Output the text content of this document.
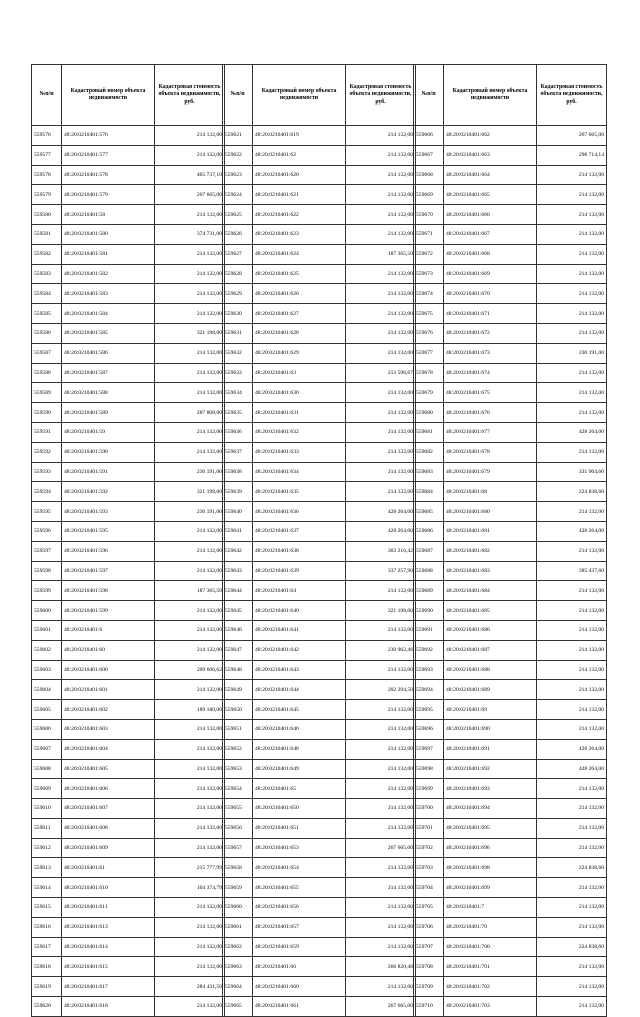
№п/п	Кадастровый номер объекта недвижимости	Кадастровая стоимость объекта недвижимости, руб.
559576	48:20:0210401:576	214 132,00
559577	48:20:0210401:577	214 132,00
559578	48:20:0210401:578	465 737,10
559579	48:20:0210401:579	267 665,00
559580	48:20:0210401:58	214 132,00
559581	48:20:0210401:580	374 731,00
559582	48:20:0210401:581	214 132,00
559583	48:20:0210401:582	214 132,00
559584	48:20:0210401:583	214 132,00
559585	48:20:0210401:584	214 132,00
559586	48:20:0210401:585	321 198,00
559587	48:20:0210401:586	214 132,00
559588	48:20:0210401:587	214 132,00
559589	48:20:0210401:588	214 132,00
559590	48:20:0210401:589	287 808,00
559591	48:20:0210401:59	214 132,00
559592	48:20:0210401:590	214 132,00
559593	48:20:0210401:591	230 191,00
559594	48:20:0210401:592	321 198,00
559595	48:20:0210401:593	230 191,00
559596	48:20:0210401:595	214 132,00
559597	48:20:0210401:596	214 132,00
559598	48:20:0210401:597	214 132,00
559599	48:20:0210401:598	187 365,50
559600	48:20:0210401:599	214 132,00
559601	48:20:0210401:6	214 132,00
559602	48:20:0210401:60	214 132,00
559603	48:20:0210401:600	209 606,62
559604	48:20:0210401:601	214 132,00
559605	48:20:0210401:602	189 180,00
559606	48:20:0210401:603	214 132,00
559607	48:20:0210401:604	214 132,00
559608	48:20:0210401:605	214 132,00
559609	48:20:0210401:606	214 132,00
559610	48:20:0210401:607	214 132,00
559611	48:20:0210401:608	214 132,00
559612	48:20:0210401:609	214 132,00
559613	48:20:0210401:61	215 777,99
559614	48:20:0210401:610	104 374,79
559615	48:20:0210401:611	214 132,00
559616	48:20:0210401:613	214 132,00
559617	48:20:0210401:614	214 132,00
559618	48:20:0210401:615	214 132,00
559619	48:20:0210401:617	284 431,50
559620	48:20:0210401:618	214 132,00
№п/п	Кадастровый номер объекта недвижимости	Кадастровая стоимость объекта недвижимости, руб.
559621	48:20:0210401:619	214 132,00
559622	48:20:0210401:62	214 132,00
559623	48:20:0210401:620	214 132,00
559624	48:20:0210401:621	214 132,00
559625	48:20:0210401:622	214 132,00
559626	48:20:0210401:623	214 132,00
559627	48:20:0210401:624	187 365,50
559628	48:20:0210401:625	214 132,00
559629	48:20:0210401:626	214 132,00
559630	48:20:0210401:627	214 132,00
559631	48:20:0210401:628	214 132,00
559632	48:20:0210401:629	214 132,00
559633	48:20:0210401:63	213 596,67
559634	48:20:0210401:630	214 132,00
559635	48:20:0210401:631	214 132,00
559636	48:20:0210401:632	214 132,00
559637	48:20:0210401:633	214 132,00
559638	48:20:0210401:634	214 132,00
559639	48:20:0210401:635	214 132,00
559640	48:20:0210401:636	428 264,00
559641	48:20:0210401:637	428 264,00
559642	48:20:0210401:638	303 216,42
559643	48:20:0210401:639	337 257,90
559644	48:20:0210401:64	214 132,00
559645	48:20:0210401:640	321 198,00
559646	48:20:0210401:641	214 132,00
559647	48:20:0210401:642	230 962,46
559648	48:20:0210401:643	214 132,00
559649	48:20:0210401:644	202 394,50
559650	48:20:0210401:645	214 132,00
559651	48:20:0210401:646	214 132,00
559652	48:20:0210401:648	214 132,00
559653	48:20:0210401:649	214 132,00
559654	48:20:0210401:65	214 132,00
559655	48:20:0210401:650	214 132,00
559656	48:20:0210401:651	214 132,00
559657	48:20:0210401:653	267 665,00
559658	48:20:0210401:654	214 132,00
559659	48:20:0210401:655	214 132,00
559660	48:20:0210401:656	214 132,00
559661	48:20:0210401:657	214 132,00
559662	48:20:0210401:659	214 132,00
559663	48:20:0210401:66	266 820,48
559664	48:20:0210401:660	214 132,00
559665	48:20:0210401:661	267 665,00
№п/п	Кадастровый номер объекта недвижимости	Кадастровая стоимость объекта недвижимости, руб.
559666	48:20:0210401:662	267 665,00
559667	48:20:0210401:663	298 714,14
559668	48:20:0210401:664	214 132,00
559669	48:20:0210401:665	214 132,00
559670	48:20:0210401:666	214 132,00
559671	48:20:0210401:667	214 132,00
559672	48:20:0210401:668	214 132,00
559673	48:20:0210401:669	214 132,00
559674	48:20:0210401:670	214 132,00
559675	48:20:0210401:671	214 132,00
559676	48:20:0210401:672	214 132,00
559677	48:20:0210401:673	230 191,00
559678	48:20:0210401:674	214 132,00
559679	48:20:0210401:675	214 132,00
559680	48:20:0210401:676	214 132,00
559681	48:20:0210401:677	428 264,00
559682	48:20:0210401:678	214 132,00
559683	48:20:0210401:679	331 904,60
559684	48:20:0210401:68	224 838,60
559685	48:20:0210401:680	214 132,00
559686	48:20:0210401:681	428 264,00
559687	48:20:0210401:682	214 132,00
559688	48:20:0210401:683	385 437,60
559689	48:20:0210401:684	214 132,00
559690	48:20:0210401:685	214 132,00
559691	48:20:0210401:686	214 132,00
559692	48:20:0210401:687	214 132,00
559693	48:20:0210401:688	214 132,00
559694	48:20:0210401:689	214 132,00
559695	48:20:0210401:69	214 132,00
559696	48:20:0210401:690	214 132,00
559697	48:20:0210401:691	428 264,00
559698	48:20:0210401:692	428 264,00
559699	48:20:0210401:693	214 132,00
559700	48:20:0210401:694	214 132,00
559701	48:20:0210401:695	214 132,00
559702	48:20:0210401:696	214 132,00
559703	48:20:0210401:698	224 838,60
559704	48:20:0210401:699	214 132,00
559705	48:20:0210401:7	214 132,00
559706	48:20:0210401:70	214 132,00
559707	48:20:0210401:700	224 838,60
559708	48:20:0210401:701	214 132,00
559709	48:20:0210401:702	214 132,00
559710	48:20:0210401:703	214 132,00
